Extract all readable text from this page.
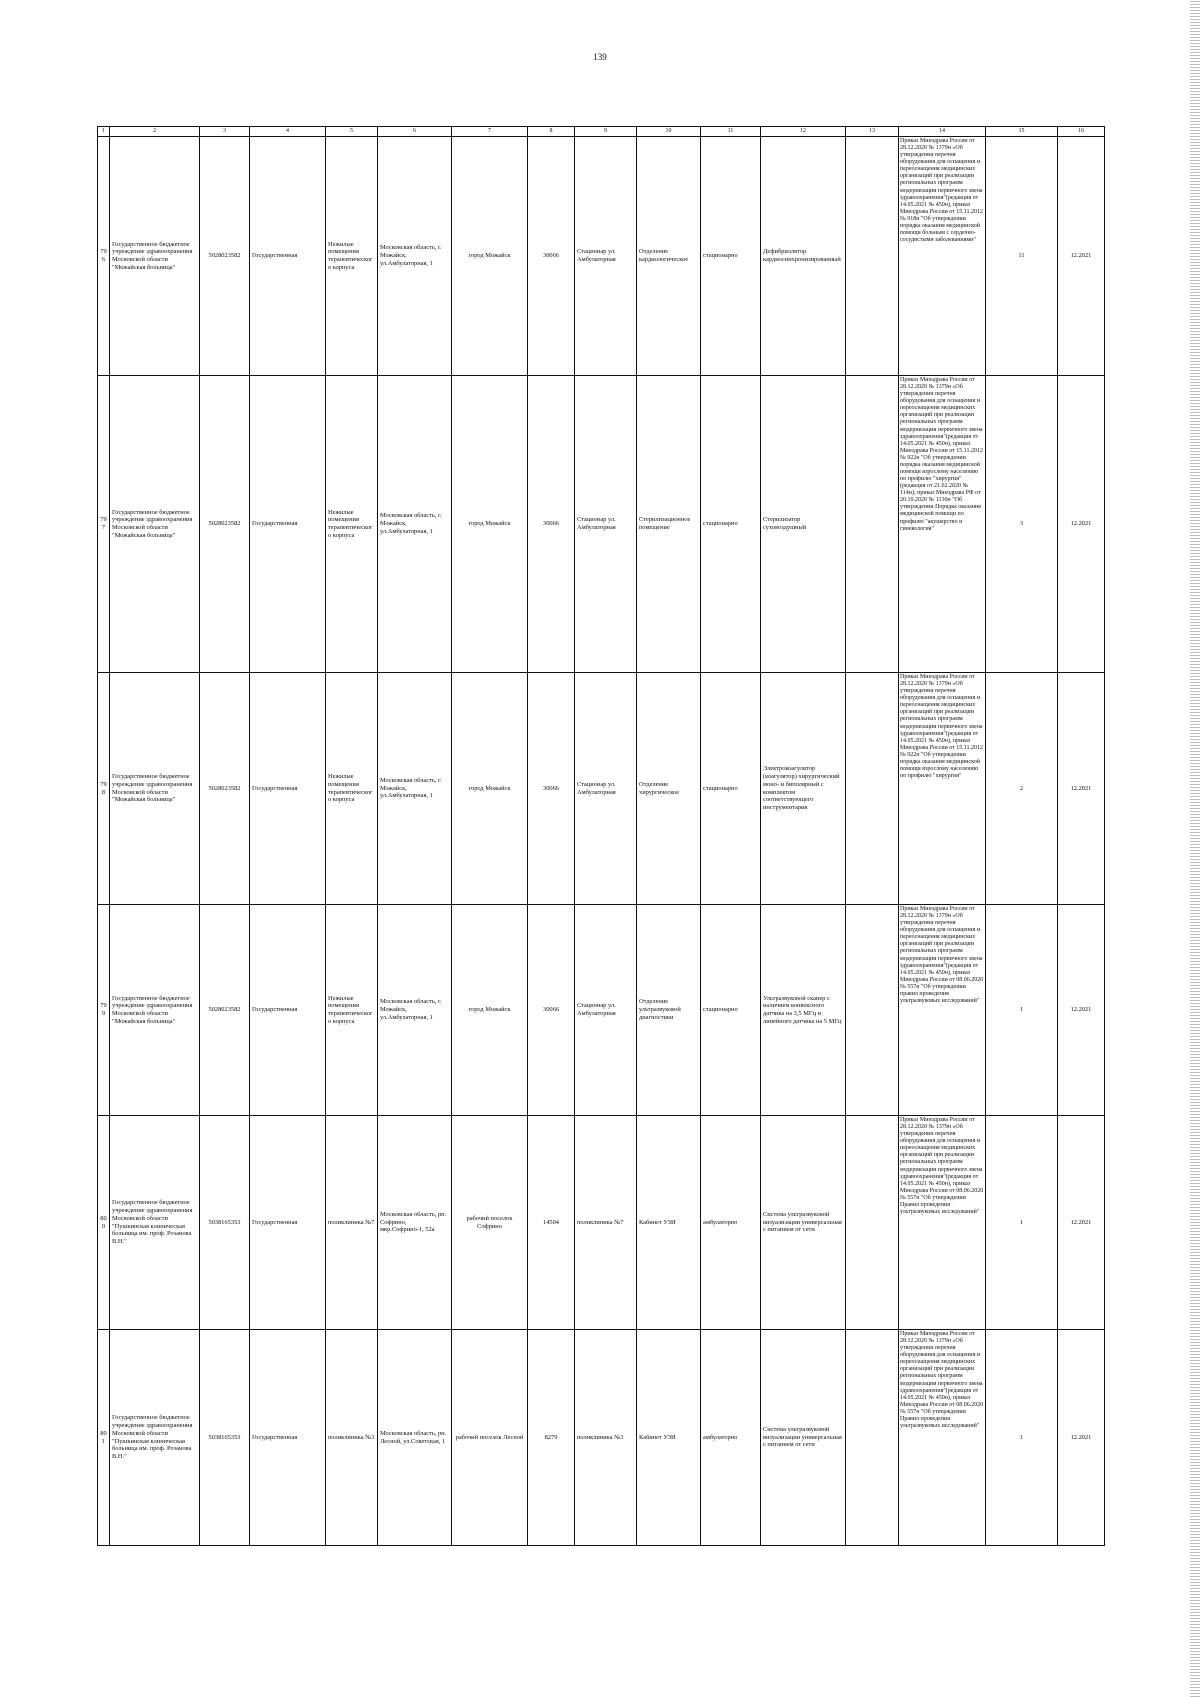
139
1	2	3	4	5	6	7	8	9	10	11	12	13	14	15	16
796	Государственное бюджетное учреждение здравоохранения Московской области "Можайская больница"	5028023582	Государственная	Нежилые помещения терапевтического корпуса	Московская область, г. Можайск, ул.Амбулаторная, 1	город Можайск	30066	Стационар ул. Амбулаторная	Отделение кардиологическое	стационарно	Дефибриллятор кардиосинхронизированный		Приказ Минздрава России от 28.12.2020 № 1379н «Об утверждении перечня оборудования для оснащения и переоснащения медицинских организаций при реализации региональных программ модернизации первичного звена здравоохранения"(редакция от 14.05.2021 № 450н), приказ Минздрава России от 15.11.2012 № 918н "Об утверждении порядка оказания медицинской помощи больным с сердечно-сосудистыми заболеваниями"	11	12.2021
797	Государственное бюджетное учреждение здравоохранения Московской области "Можайская больница"	5028023582	Государственная	Нежилые помещения терапевтического корпуса	Московская область, г. Можайск, ул.Амбулаторная, 1	город Можайск	30066	Стационар ул. Амбулаторная	Стерилизационное помещение	стационарно	Стерилизатор суховоздушный		Приказ Минздрава России от 28.12.2020 № 1379н «Об утверждении перечня оборудования для оснащения и переоснащения медицинских организаций при реализации региональных программ модернизации первичного звена здравоохранения"(редакция от 14.05.2021 № 450н), приказ Минздрава России от 15.11.2012 № 922н "Об утверждении порядка оказания медицинской помощи взрослому населению по профилю "хирургия" (редакция от 21.02.2020 № 114н); приказ Минздрава РФ от 20.10.2020 № 1130н "Об утверждении Порядка оказания медицинской помощи по профилю "акушерство и гинекология"	3	12.2021
798	Государственное бюджетное учреждение здравоохранения Московской области "Можайская больница"	5028023582	Государственная	Нежилые помещения терапевтического корпуса	Московская область, г. Можайск, ул.Амбулаторная, 1	город Можайск	30066	Стационар ул. Амбулаторная	Отделение хирургическое	стационарно	Электрокоагулятор (коагулятор) хирургический моно- и биполярный с комплектом соответствующего инструментария		Приказ Минздрава России от 28.12.2020 № 1379н «Об утверждении перечня оборудования для оснащения и переоснащения медицинских организаций при реализации региональных программ модернизации первичного звена здравоохранения"(редакция от 14.05.2021 № 450н), приказ Минздрава России от 15.11.2012 № 922н "Об утверждении порядка оказания медицинской помощи взрослому населению по профилю "хирургия"	2	12.2021
799	Государственное бюджетное учреждение здравоохранения Московской области "Можайская больница"	5028023582	Государственная	Нежилые помещения терапевтического корпуса	Московская область, г. Можайск, ул.Амбулаторная, 1	город Можайск	30066	Стационар ул. Амбулаторная	Отделение ультразвуковой диагностики	стационарно	Ультразвуковой сканер с наличием конвексного датчика на 3,5 МГц и линейного датчика на 5 МГц		Приказ Минздрава России от 28.12.2020 № 1379н «Об утверждении перечня оборудования для оснащения и переоснащения медицинских организаций при реализации региональных программ модернизации первичного звена здравоохранения"(редакция от 14.05.2021 № 450н), приказ Минздрава России от 08.06.2020 № 557н "Об утверждении правил проведения ультразвуковых исследований"	1	12.2021
800	Государственное бюджетное учреждение здравоохранения Московской области "Пушкинская клиническая больница им. проф. Розанова В.Н."	5038165353	Государственная	поликлиника №7	Московская область, рп. Софрино, мкр.Софрино-1, 52а	рабочий поселок Софрино	14504	поликлиника №7	Кабинет УЗИ	амбулаторно	Система ультразвуковой визуализации универсальная с питанием от сети		Приказ Минздрава России от 28.12.2020 № 1379н «Об утверждении перечня оборудования для оснащения и переоснащения медицинских организаций при реализации региональных программ модернизации первичного звена здравоохранения"(редакция от 14.05.2021 № 450н), приказ Минздрава России от 08.06.2020 № 557н "Об утверждении Правил проведения ультразвуковых исследований"	1	12.2021
801	Государственное бюджетное учреждение здравоохранения Московской области "Пушкинская клиническая больница им. проф. Розанова В.Н."	5038165353	Государственная	поликлиника №3	Московская область, рп. Лесной, ул.Советская, 1	рабочий поселок Лесной	8279	поликлиника №3	Кабинет УЗИ	амбулаторно	Система ультразвуковой визуализации универсальная с питанием от сети		Приказ Минздрава России от 28.12.2020 № 1379н «Об утверждении перечня оборудования для оснащения и переоснащения медицинских организаций при реализации региональных программ модернизации первичного звена здравоохранения"(редакция от 14.05.2021 № 450н), приказ Минздрава России от 08.06.2020 № 557н "Об утверждении Правил проведения ультразвуковых исследований"	1	12.2021
